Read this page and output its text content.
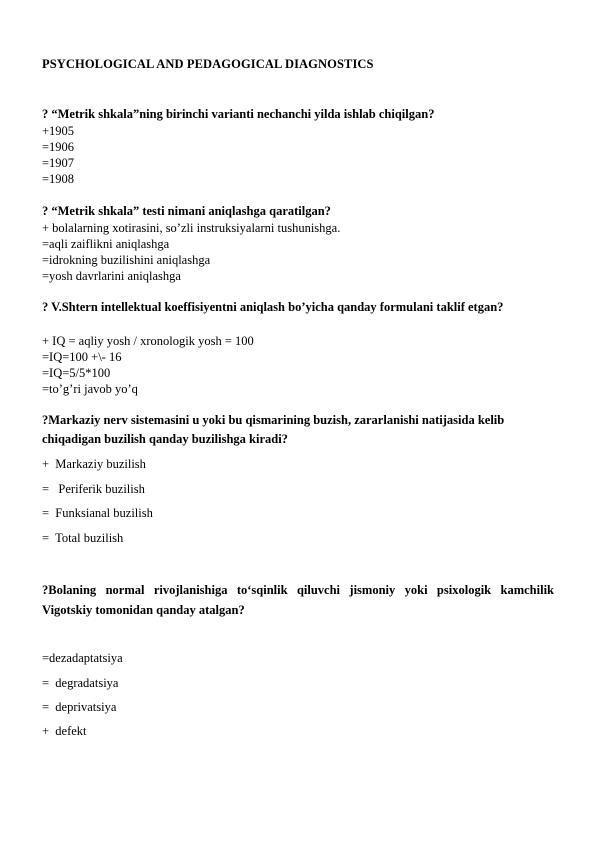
PSYCHOLOGICAL AND PEDAGOGICAL DIAGNOSTICS
? “Metrik shkala”ning birinchi varianti nechanchi yilda ishlab chiqilgan?
+1905
=1906
=1907
=1908
? “Metrik shkala” testi nimani aniqlashga qaratilgan?
+ bolalarning xotirasini, so’zli instruksiyalarni tushunishga.
=aqli zaiflikni aniqlashga
=idrokning buzilishini aniqlashga
=yosh davrlarini aniqlashga
? V.Shtern intellektual koeffisiyentni aniqlash bo’yicha qanday formulani taklif etgan?
+ IQ = aqliy yosh / xronologik yosh = 100
=IQ=100 +\- 16
=IQ=5/5*100
=to’g’ri javob yo’q
?Markaziy nerv sistemasini u yoki bu qismarining buzish, zararlanishi natijasida kelib chiqadigan buzilish qanday buzilishga kiradi?
+  Markaziy buzilish
=   Periferik buzilish
=  Funksianal buzilish
=  Total buzilish
?Bolaning normal rivojlanishiga to‘sqinlik qiluvchi jismoniy yoki psixologik kamchilik Vigotskiy tomonidan qanday atalgan?
=dezadaptatsiya
=  degradatsiya
=  deprivatsiya
+  defekt
